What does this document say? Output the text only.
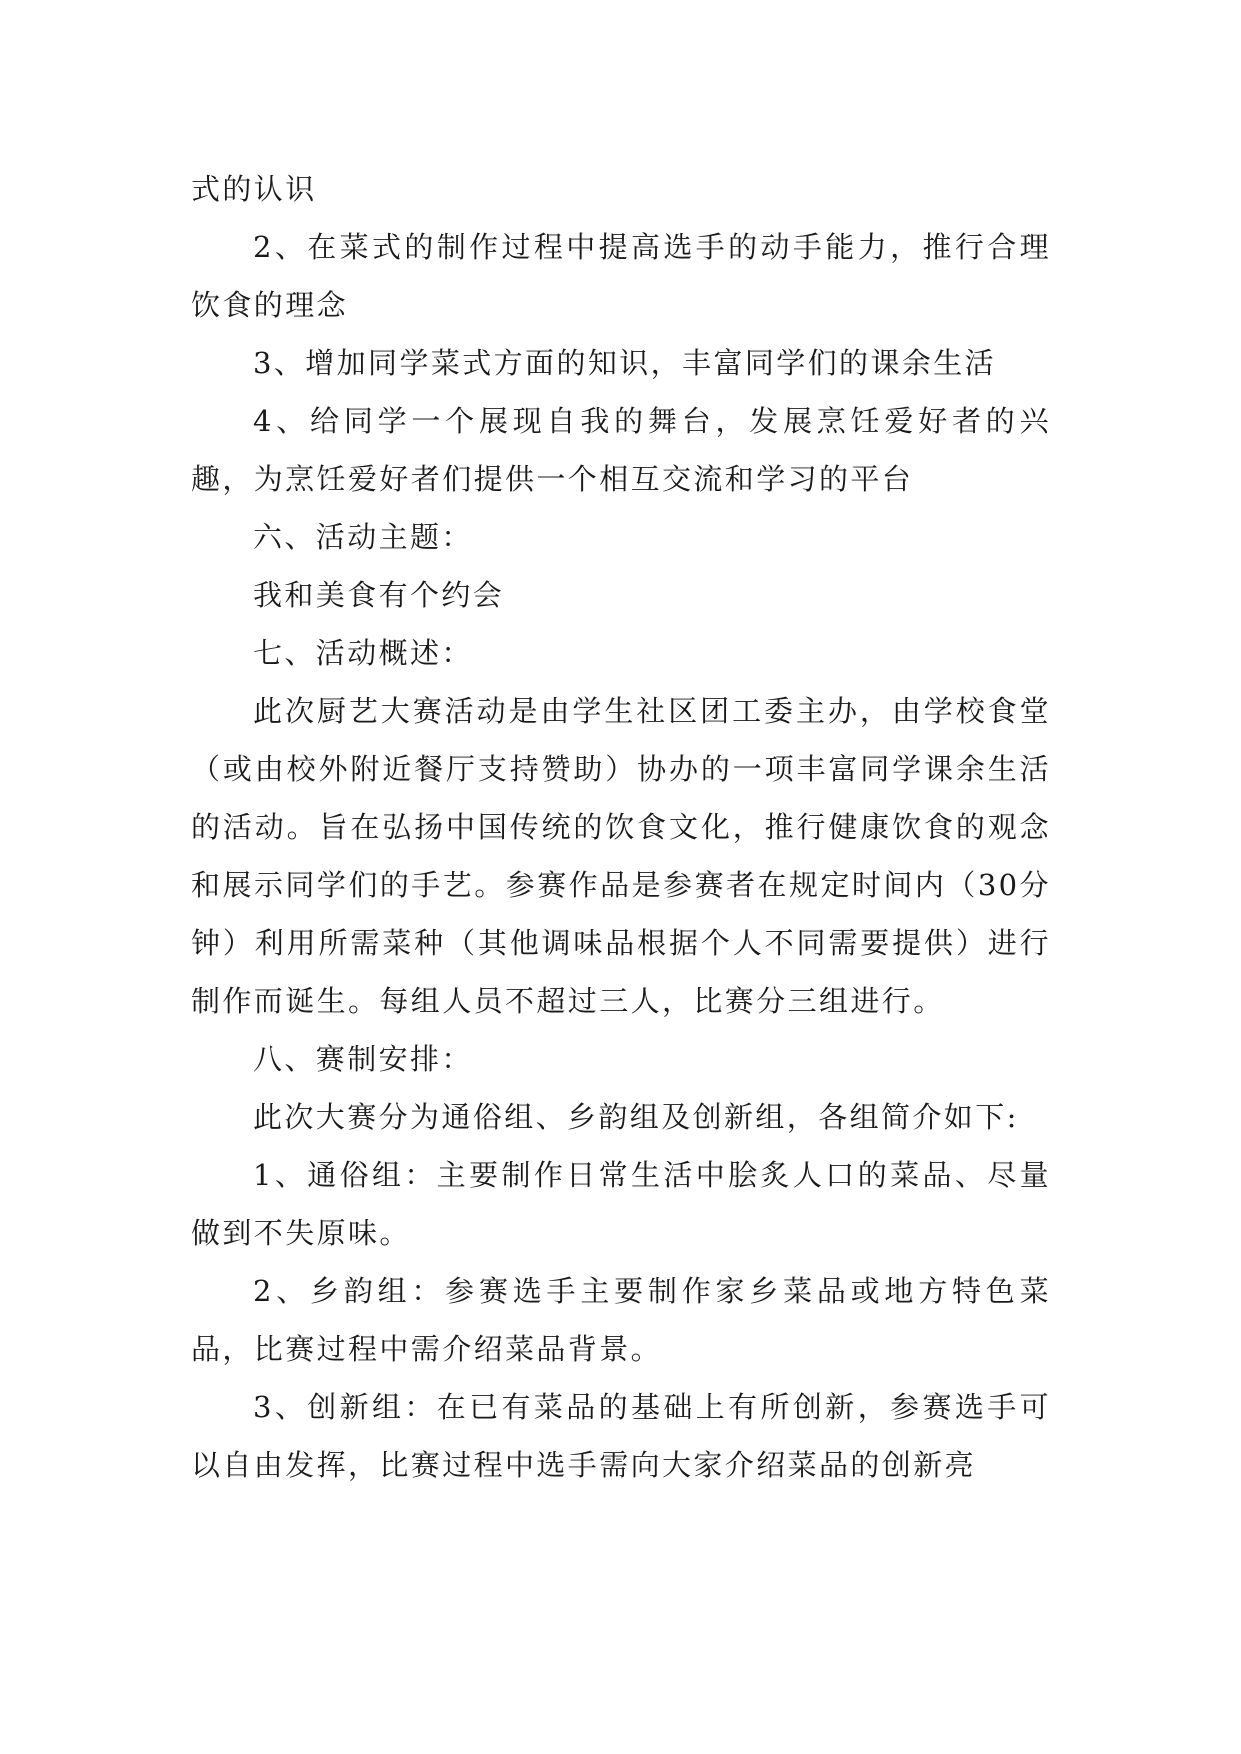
式的认识

2、在菜式的制作过程中提高选手的动手能力，推行合理饮食的理念

3、增加同学菜式方面的知识，丰富同学们的课余生活

4、给同学一个展现自我的舞台，发展烹饪爱好者的兴趣，为烹饪爱好者们提供一个相互交流和学习的平台

六、活动主题：

我和美食有个约会

七、活动概述：

此次厨艺大赛活动是由学生社区团工委主办，由学校食堂（或由校外附近餐厅支持赞助）协办的一项丰富同学课余生活的活动。旨在弘扬中国传统的饮食文化，推行健康饮食的观念和展示同学们的手艺。参赛作品是参赛者在规定时间内（30分钟）利用所需菜种（其他调味品根据个人不同需要提供）进行制作而诞生。每组人员不超过三人，比赛分三组进行。

八、赛制安排：

此次大赛分为通俗组、乡韵组及创新组，各组简介如下:

1、通俗组：主要制作日常生活中脍炙人口的菜品、尽量做到不失原味。

2、乡韵组：参赛选手主要制作家乡菜品或地方特色菜品，比赛过程中需介绍菜品背景。

3、创新组：在已有菜品的基础上有所创新，参赛选手可以自由发挥，比赛过程中选手需向大家介绍菜品的创新亮
